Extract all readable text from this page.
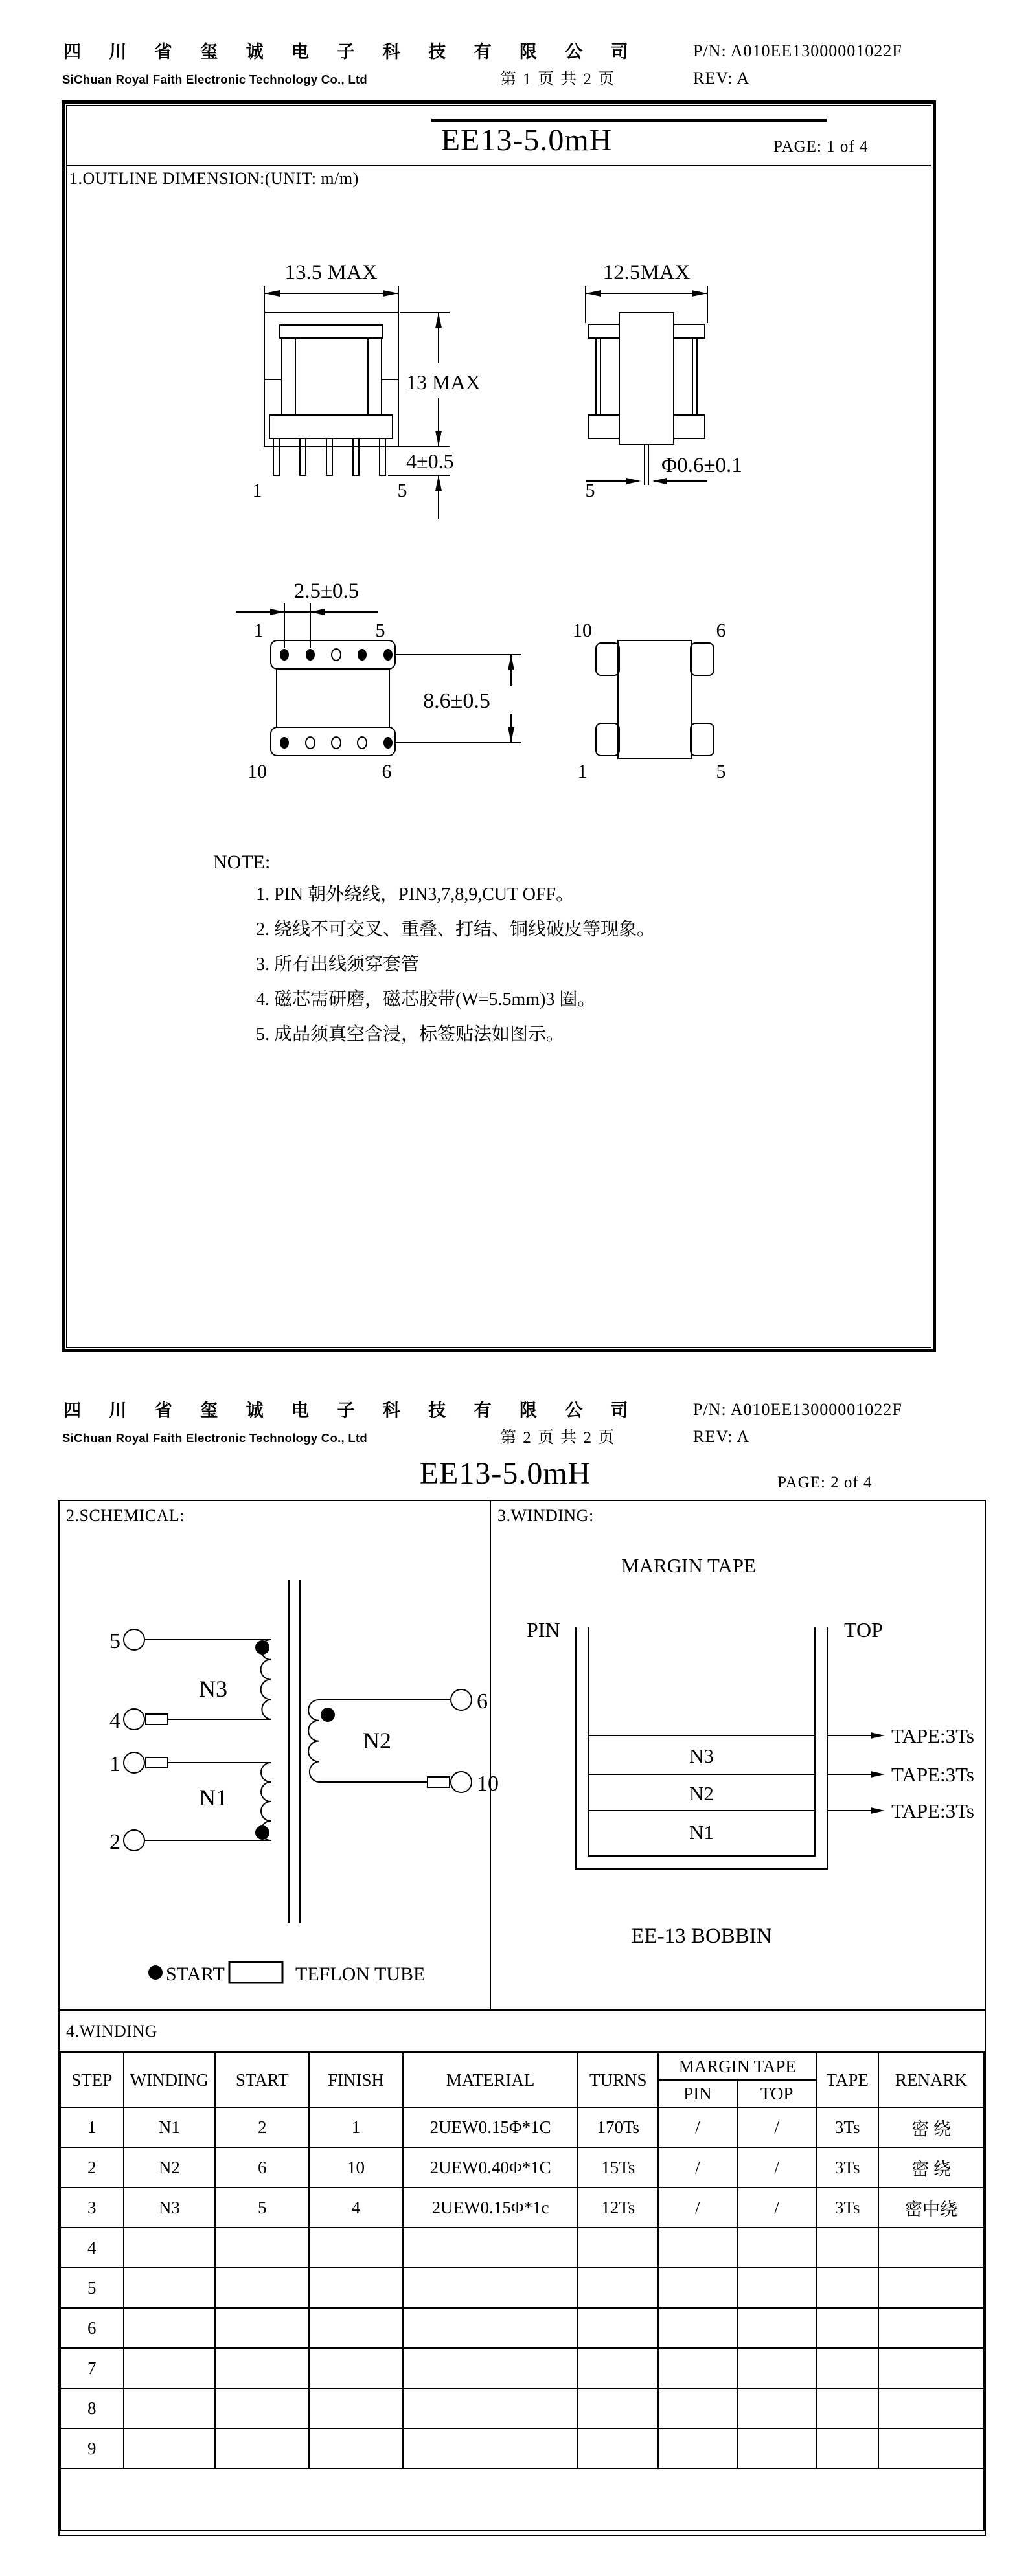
四 川 省 玺 诚 电 子 科 技 有 限 公 司
SiChuan Royal Faith Electronic Technology Co., Ltd	第 1 页 共 2 页
P/N: A010EE13000001022F
REV: A
EE13-5.0mH	PAGE: 1 of 4
1.OUTLINE DIMENSION:(UNIT: m/m)
13.5 MAX
1	5
13 MAX
4±0.5
12.5MAX
Φ0.6±0.1
5
2.5±0.5
1	5
10	6
8.6±0.5
10	6
1	5
NOTE:
1. PIN 朝外绕线，PIN3,7,8,9,CUT OFF。
2. 绕线不可交叉、重叠、打结、铜线破皮等现象。
3. 所有出线须穿套管
4. 磁芯需研磨，磁芯胶带(W=5.5mm)3 圈。
5. 成品须真空含浸，标签贴法如图示。
四 川 省 玺 诚 电 子 科 技 有 限 公 司
SiChuan Royal Faith Electronic Technology Co., Ltd	第 2 页 共 2 页
P/N: A010EE13000001022F
REV: A
EE13-5.0mH	PAGE: 2 of 4
2.SCHEMICAL:
5
4
N3
1
2
N1
6
10
N2
START	TEFLON TUBE
3.WINDING:
MARGIN TAPE
PIN	TOP
N3
N2
N1
TAPE:3Ts
TAPE:3Ts
TAPE:3Ts
EE-13 BOBBIN
4.WINDING
STEP	WINDING	START	FINISH	MATERIAL	TURNS	MARGIN TAPE		TAPE	RENARK
						PIN	TOP		
1	N1	2	1	2UEW0.15Φ*1C	170Ts	/	/	3Ts	密 绕
2	N2	6	10	2UEW0.40Φ*1C	15Ts	/	/	3Ts	密 绕
3	N3	5	4	2UEW0.15Φ*1c	12Ts	/	/	3Ts	密中绕
4									
5									
6									
7									
8									
9									
